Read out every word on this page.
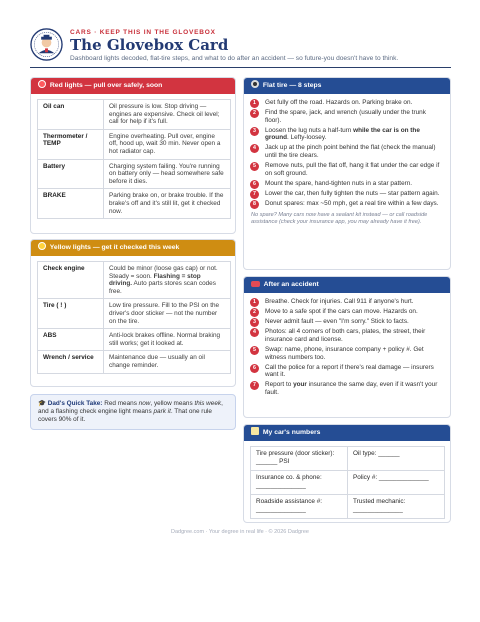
CARS · KEEP THIS IN THE GLOVEBOX
The Glovebox Card
Dashboard lights decoded, flat-tire steps, and what to do after an accident — so future-you doesn't have to think.
Red lights — pull over safely, soon
Oil can	Oil pressure is low. Stop driving — engines are expensive. Check oil level; call for help if it's full.
Thermometer / TEMP	Engine overheating. Pull over, engine off, hood up, wait 30 min. Never open a hot radiator cap.
Battery	Charging system failing. You're running on battery only — head somewhere safe before it dies.
BRAKE	Parking brake on, or brake trouble. If the brake's off and it's still lit, get it checked now.
Yellow lights — get it checked this week
Check engine	Could be minor (loose gas cap) or not. Steady = soon. Flashing = stop driving. Auto parts stores scan codes free.
Tire ( ! )	Low tire pressure. Fill to the PSI on the driver's door sticker — not the number on the tire.
ABS	Anti-lock brakes offline. Normal braking still works; get it looked at.
Wrench / service	Maintenance due — usually an oil change reminder.
🎓 Dad's Quick Take: Red means now, yellow means this week, and a flashing check engine light means park it. That one rule covers 90% of it.
Flat tire — 8 steps
1	Get fully off the road. Hazards on. Parking brake on.
2	Find the spare, jack, and wrench (usually under the trunk floor).
3	Loosen the lug nuts a half-turn while the car is on the ground. Lefty-loosey.
4	Jack up at the pinch point behind the flat (check the manual) until the tire clears.
5	Remove nuts, pull the flat off, hang it flat under the car edge if on soft ground.
6	Mount the spare, hand-tighten nuts in a star pattern.
7	Lower the car, then fully tighten the nuts — star pattern again.
8	Donut spares: max ~50 mph, get a real tire within a few days.
No spare? Many cars now have a sealant kit instead — or call roadside assistance (check your insurance app, you may already have it free).
After an accident
1	Breathe. Check for injuries. Call 911 if anyone's hurt.
2	Move to a safe spot if the cars can move. Hazards on.
3	Never admit fault — even "I'm sorry." Stick to facts.
4	Photos: all 4 corners of both cars, plates, the street, their insurance card and license.
5	Swap: name, phone, insurance company + policy #. Get witness numbers too.
6	Call the police for a report if there's real damage — insurers want it.
7	Report to your insurance the same day, even if it wasn't your fault.
My car's numbers
Tire pressure (door sticker): ______ PSI	Oil type: ______
Insurance co. & phone: ______________	Policy #: ______________
Roadside assistance #: ______________	Trusted mechanic: ______________
Dadgree.com · Your degree in real life · © 2026 Dadgree
